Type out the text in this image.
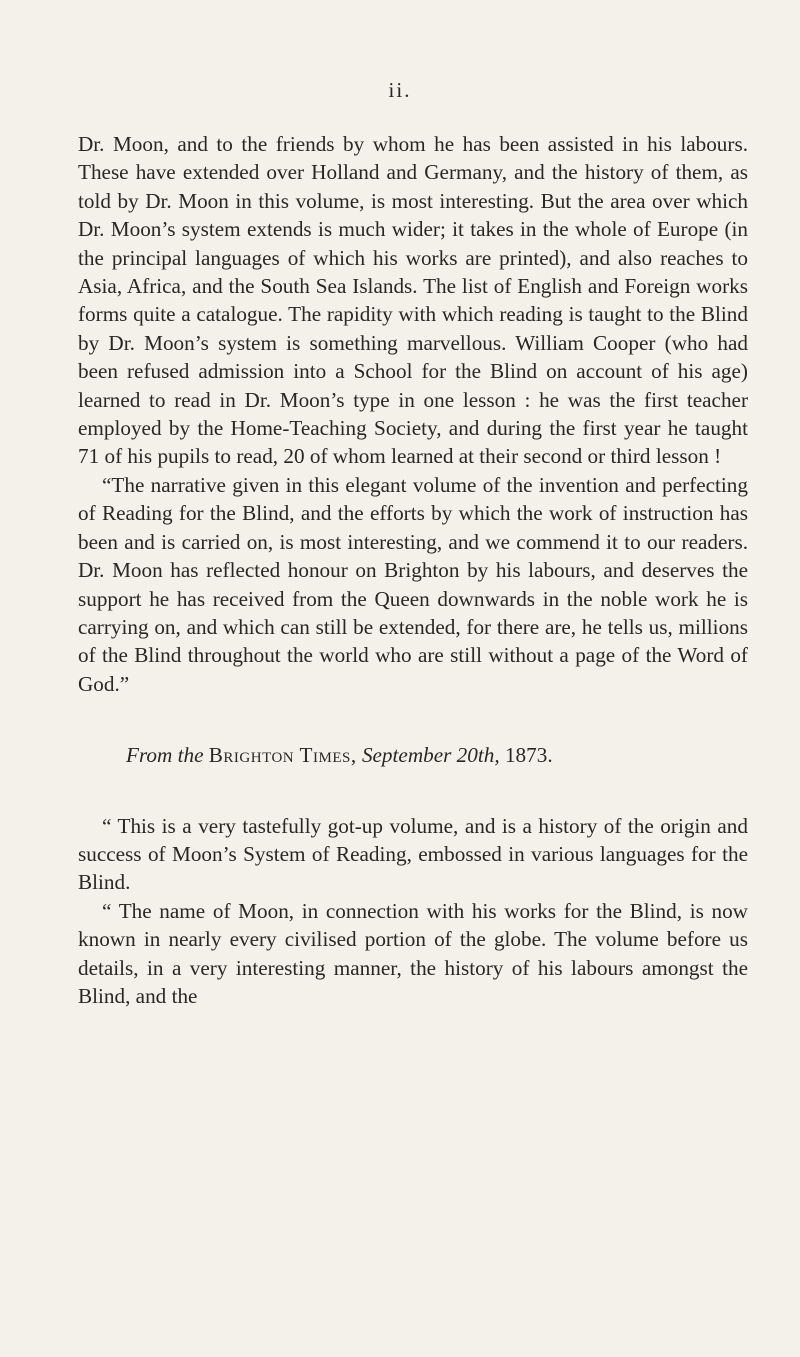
ii.

Dr. Moon, and to the friends by whom he has been assisted in his labours. These have extended over Holland and Germany, and the history of them, as told by Dr. Moon in this volume, is most interesting. But the area over which Dr. Moon’s system extends is much wider; it takes in the whole of Europe (in the principal languages of which his works are printed), and also reaches to Asia, Africa, and the South Sea Islands. The list of English and Foreign works forms quite a catalogue. The rapidity with which reading is taught to the Blind by Dr. Moon’s system is something marvellous. William Cooper (who had been refused admission into a School for the Blind on account of his age) learned to read in Dr. Moon’s type in one lesson : he was the first teacher employed by the Home-Teaching Society, and during the first year he taught 71 of his pupils to read, 20 of whom learned at their second or third lesson !

“The narrative given in this elegant volume of the invention and perfecting of Reading for the Blind, and the efforts by which the work of instruction has been and is carried on, is most interesting, and we commend it to our readers. Dr. Moon has reflected honour on Brighton by his labours, and deserves the support he has received from the Queen downwards in the noble work he is carrying on, and which can still be extended, for there are, he tells us, millions of the Blind throughout the world who are still without a page of the Word of God.”

From the Brighton Times, September 20th, 1873.

“ This is a very tastefully got-up volume, and is a history of the origin and success of Moon’s System of Reading, embossed in various languages for the Blind.

“ The name of Moon, in connection with his works for the Blind, is now known in nearly every civilised portion of the globe. The volume before us details, in a very interesting manner, the history of his labours amongst the Blind, and the
